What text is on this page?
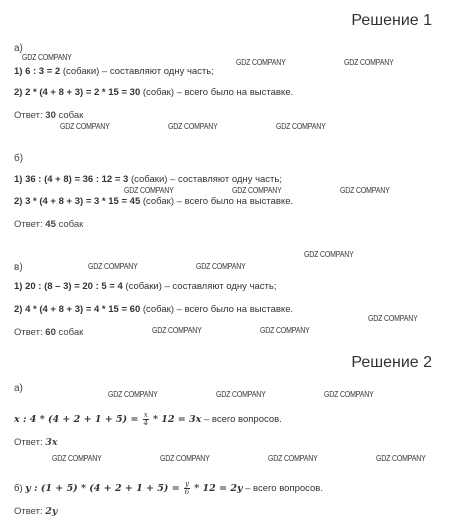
Решение 1
а)
1) 6 : 3 = 2 (собаки) – составляют одну часть;
2) 2 * (4 + 8 + 3) = 2 * 15 = 30 (собак) – всего было на выставке.
Ответ: 30 собак
б)
1) 36 : (4 + 8) = 36 : 12 = 3 (собаки) – составляют одну часть;
2) 3 * (4 + 8 + 3) = 3 * 15 = 45 (собак) – всего было на выставке.
Ответ: 45 собак
в)
1) 20 : (8 – 3) = 20 : 5 = 4 (собаки) – составляют одну часть;
2) 4 * (4 + 8 + 3) = 4 * 15 = 60 (собак) – всего было на выставке.
Ответ: 60 собак
Решение 2
а)
x : $4 * (4 + 2 + 1 + 5) = \frac{x}{4} * 12 = 3x$ – всего вопросов.
Ответ: 3x
б) y : $(1 + 5) * (4 + 2 + 1 + 5) = \frac{y}{6} * 12 = 2y$ – всего вопросов.
Ответ: 2y
GDZ COMPANY	GDZ COMPANY	GDZ COMPANY
GDZ COMPANY	GDZ COMPANY	GDZ COMPANY
GDZ COMPANY	GDZ COMPANY	GDZ COMPANY
GDZ COMPANY
GDZ COMPANY	GDZ COMPANY
GDZ COMPANY
GDZ COMPANY	GDZ COMPANY
GDZ COMPANY	GDZ COMPANY	GDZ COMPANY
GDZ COMPANY	GDZ COMPANY	GDZ COMPANY	GDZ COMPANY
